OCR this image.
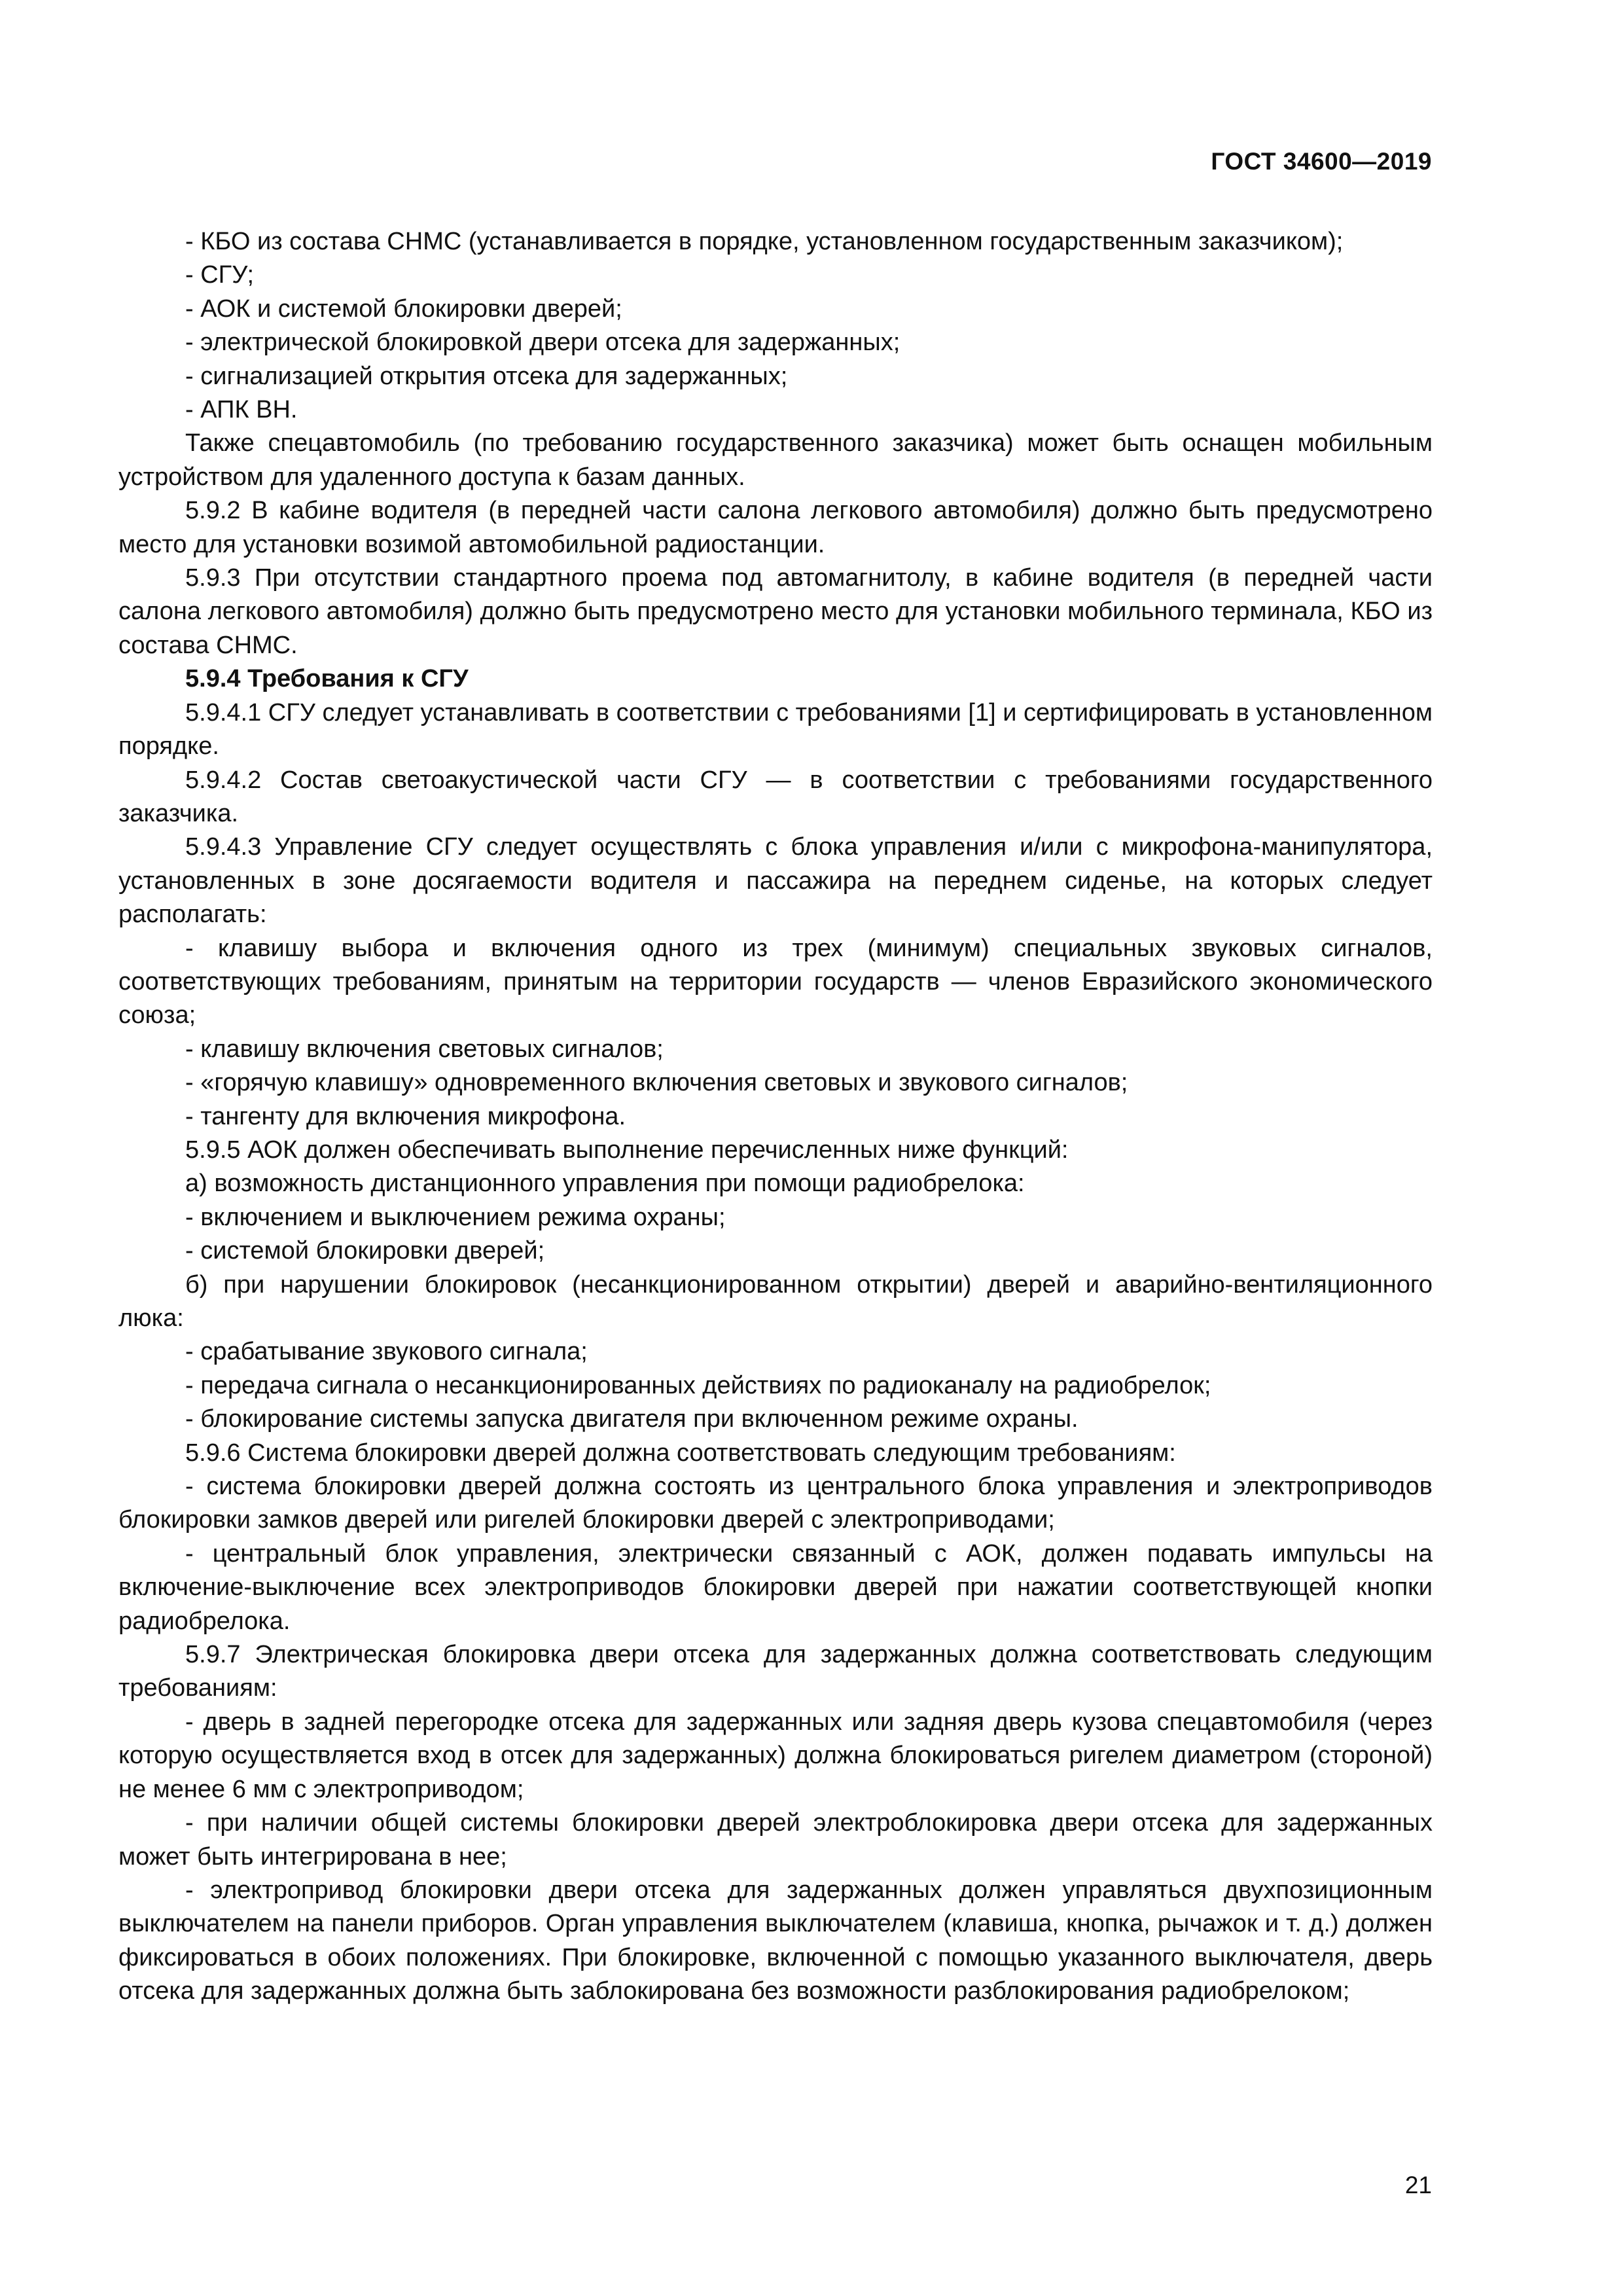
ГОСТ 34600—2019

- КБО из состава СНМС (устанавливается в порядке, установленном государственным заказчиком);

- СГУ;

- АОК и системой блокировки дверей;

- электрической блокировкой двери отсека для задержанных;

- сигнализацией открытия отсека для задержанных;

- АПК ВН.

Также спецавтомобиль (по требованию государственного заказчика) может быть оснащен мобильным устройством для удаленного доступа к базам данных.

5.9.2 В кабине водителя (в передней части салона легкового автомобиля) должно быть предусмотрено место для установки возимой автомобильной радиостанции.

5.9.3 При отсутствии стандартного проема под автомагнитолу, в кабине водителя (в передней части салона легкового автомобиля) должно быть предусмотрено место для установки мобильного терминала, КБО из состава СНМС.

5.9.4 Требования к СГУ

5.9.4.1 СГУ следует устанавливать в соответствии с требованиями [1] и сертифицировать в установленном порядке.

5.9.4.2 Состав светоакустической части СГУ — в соответствии с требованиями государственного заказчика.

5.9.4.3 Управление СГУ следует осуществлять с блока управления и/или с микрофона-манипулятора, установленных в зоне досягаемости водителя и пассажира на переднем сиденье, на которых следует располагать:

- клавишу выбора и включения одного из трех (минимум) специальных звуковых сигналов, соответствующих требованиям, принятым на территории государств — членов Евразийского экономического союза;

- клавишу включения световых сигналов;

- «горячую клавишу» одновременного включения световых и звукового сигналов;

- тангенту для включения микрофона.

5.9.5 АОК должен обеспечивать выполнение перечисленных ниже функций:

а) возможность дистанционного управления при помощи радиобрелока:

- включением и выключением режима охраны;

- системой блокировки дверей;

б) при нарушении блокировок (несанкционированном открытии) дверей и аварийно-вентиляционного люка:

- срабатывание звукового сигнала;

- передача сигнала о несанкционированных действиях по радиоканалу на радиобрелок;

- блокирование системы запуска двигателя при включенном режиме охраны.

5.9.6 Система блокировки дверей должна соответствовать следующим требованиям:

- система блокировки дверей должна состоять из центрального блока управления и электроприводов блокировки замков дверей или ригелей блокировки дверей с электроприводами;

- центральный блок управления, электрически связанный с АОК, должен подавать импульсы на включение-выключение всех электроприводов блокировки дверей при нажатии соответствующей кнопки радиобрелока.

5.9.7 Электрическая блокировка двери отсека для задержанных должна соответствовать следующим требованиям:

- дверь в задней перегородке отсека для задержанных или задняя дверь кузова спецавтомобиля (через которую осуществляется вход в отсек для задержанных) должна блокироваться ригелем диаметром (стороной) не менее 6 мм с электроприводом;

- при наличии общей системы блокировки дверей электроблокировка двери отсека для задержанных может быть интегрирована в нее;

- электропривод блокировки двери отсека для задержанных должен управляться двухпозиционным выключателем на панели приборов. Орган управления выключателем (клавиша, кнопка, рычажок и т. д.) должен фиксироваться в обоих положениях. При блокировке, включенной с помощью указанного выключателя, дверь отсека для задержанных должна быть заблокирована без возможности разблокирования радиобрелоком;

21
